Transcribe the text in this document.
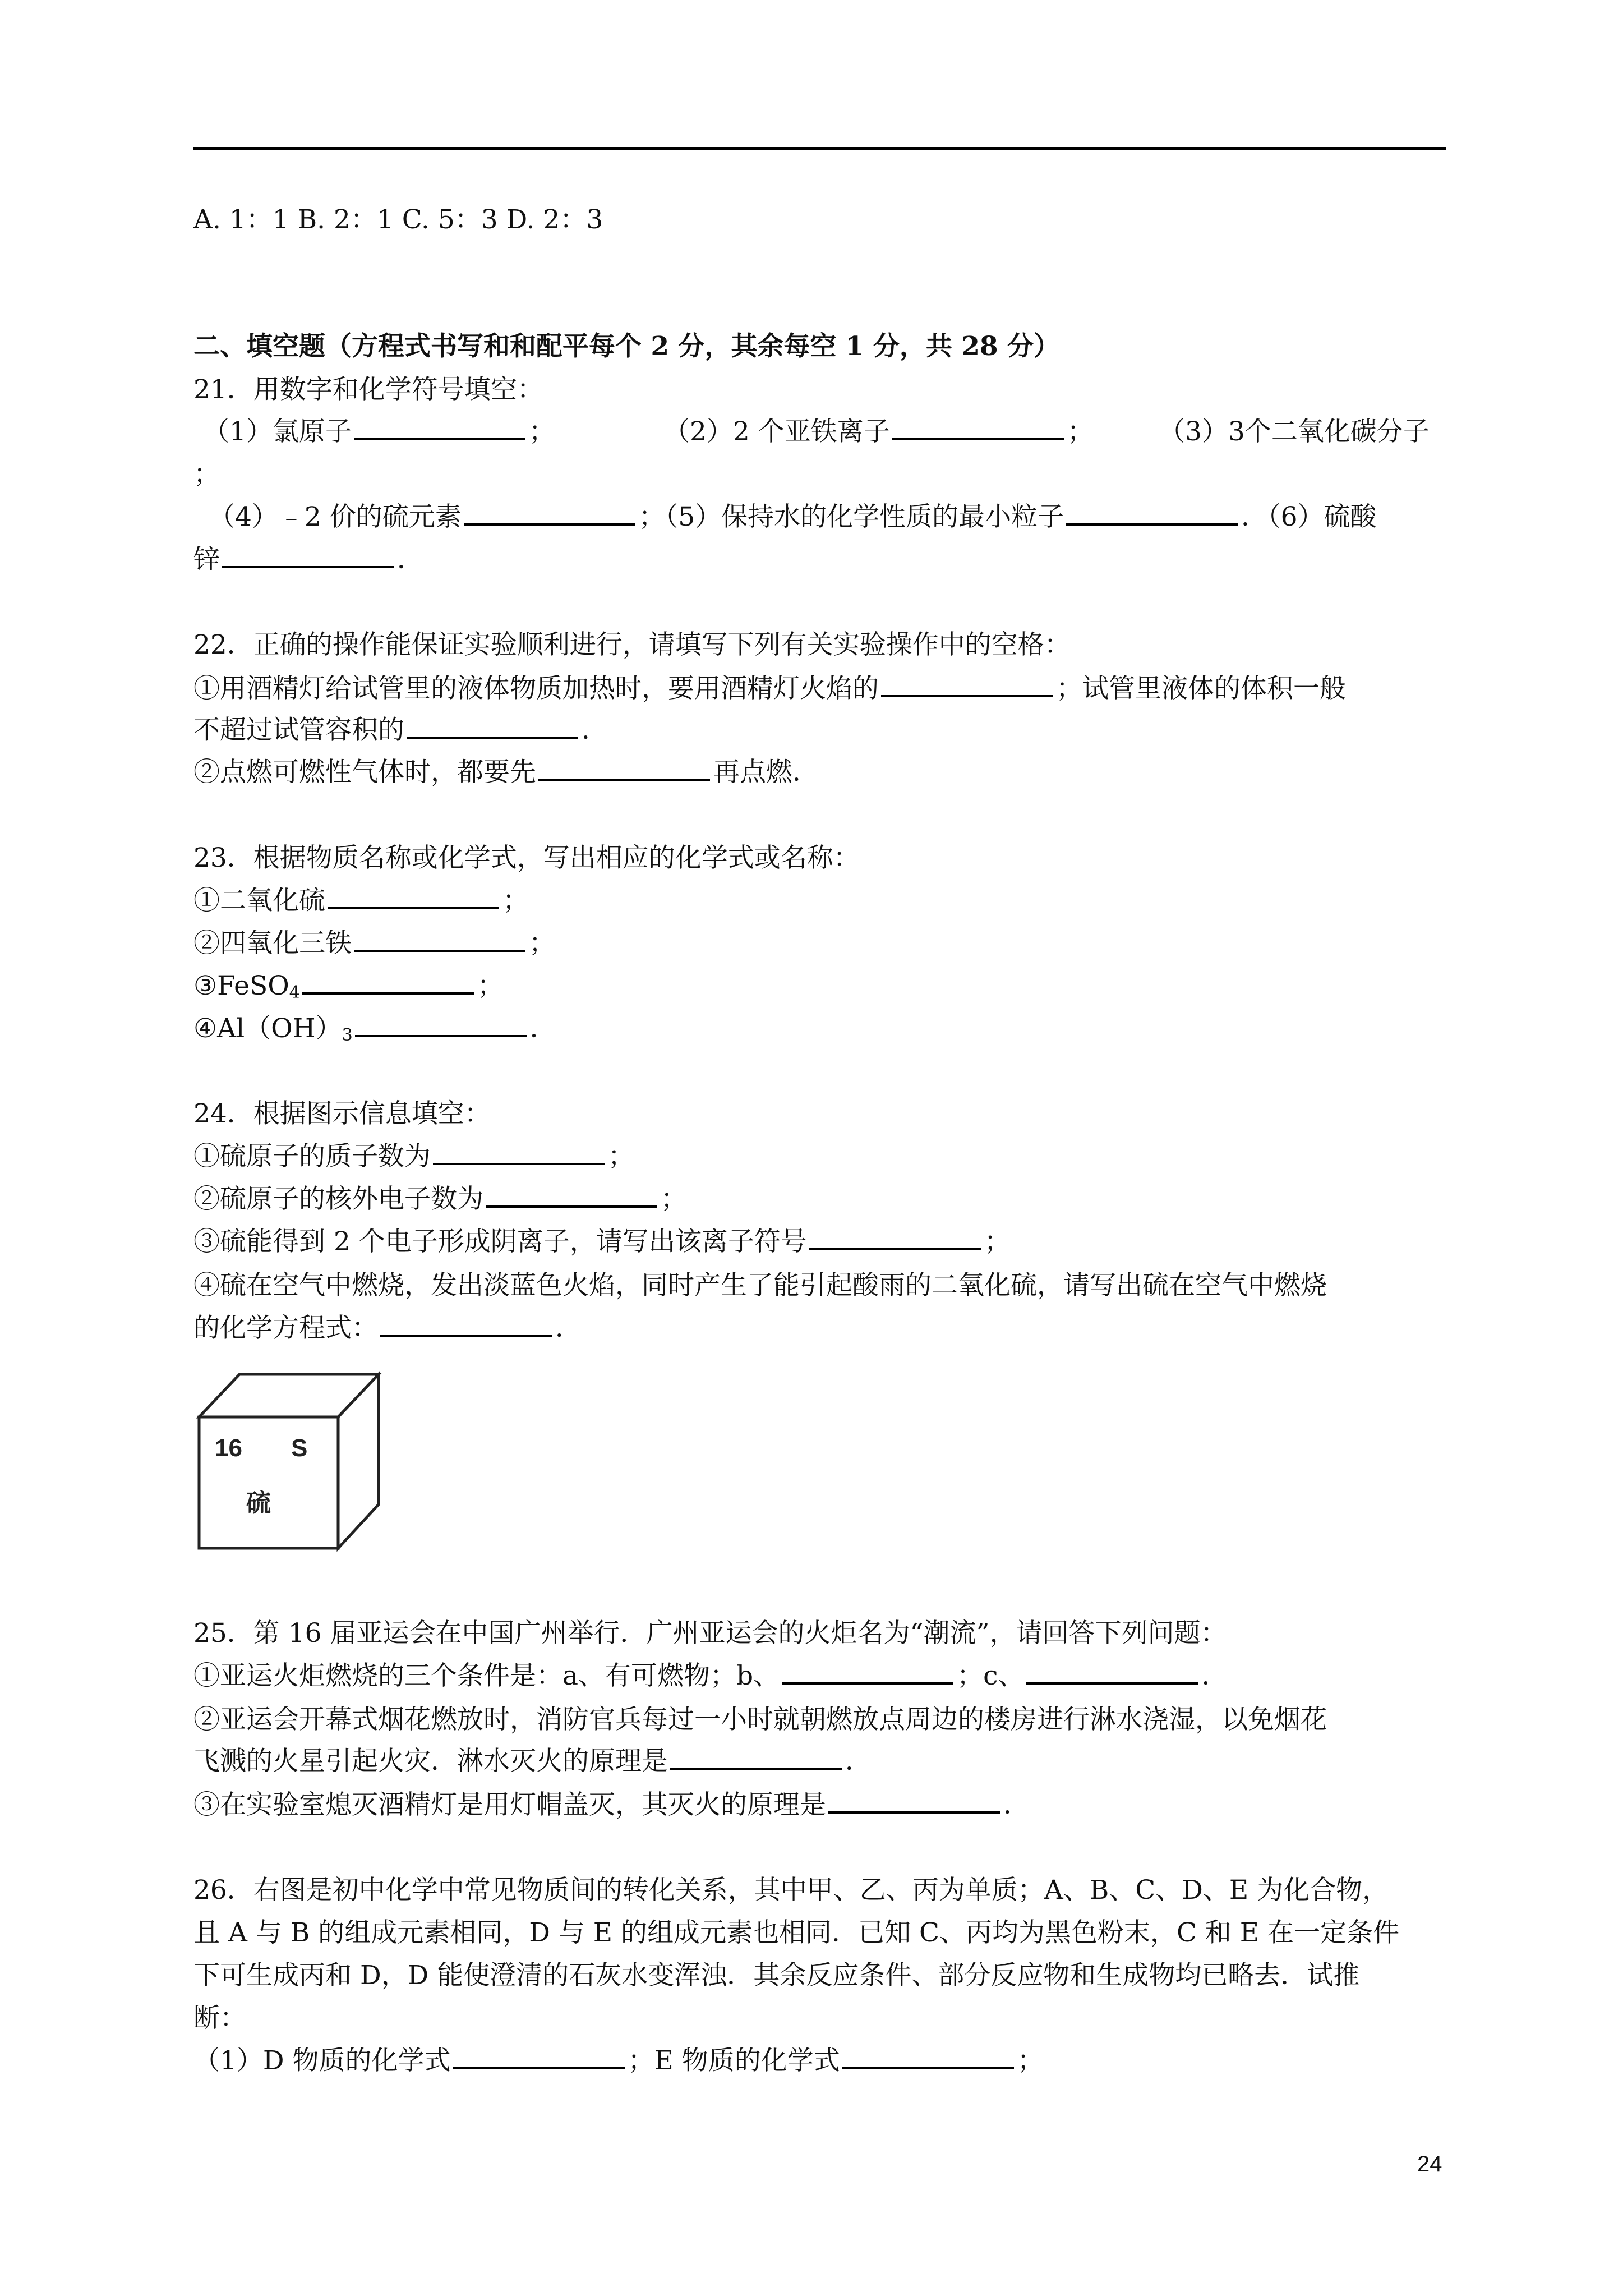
A. 1：1 B. 2：1 C. 5：3 D. 2：3
二、填空题（方程式书写和和配平每个 2 分，其余每空 1 分，共 28 分）
21．用数字和化学符号填空：
（1）氯原子	；	（2）2 个亚铁离子	； （3）3个二氧化碳分子
；
（4）﹣2 价的硫元素	；（5）保持水的化学性质的最小粒子	．（6）硫酸
锌	．
22．正确的操作能保证实验顺利进行，请填写下列有关实验操作中的空格：
①用酒精灯给试管里的液体物质加热时，要用酒精灯火焰的	；试管里液体的体积一般
不超过试管容积的	．
②点燃可燃性气体时，都要先	再点燃．
23．根据物质名称或化学式，写出相应的化学式或名称：
①二氧化硫	；
②四氧化三铁	；
③FeSO$_4$	；
$④Al(OH)_3$	．
24．根据图示信息填空：
①硫原子的质子数为	；
②硫原子的核外电子数为	；
③硫能得到 2 个电子形成阴离子，请写出该离子符号	；
④硫在空气中燃烧，发出淡蓝色火焰，同时产生了能引起酸雨的二氧化硫，请写出硫在空气中燃烧
的化学方程式：	．
16 S
硫
25．第 16 届亚运会在中国广州举行．广州亚运会的火炬名为“潮流”，请回答下列问题：
①亚运火炬燃烧的三个条件是：a、有可燃物；b、	；c、	．
②亚运会开幕式烟花燃放时，消防官兵每过一小时就朝燃放点周边的楼房进行淋水浇湿，以免烟花
飞溅的火星引起火灾．淋水灭火的原理是	．
③在实验室熄灭酒精灯是用灯帽盖灭，其灭火的原理是	．
26．右图是初中化学中常见物质间的转化关系，其中甲、乙、丙为单质；A、B、C、D、E 为化合物，
且 A 与 B 的组成元素相同，D 与 E 的组成元素也相同．已知 C、丙均为黑色粉末，C 和 E 在一定条件
下可生成丙和 D，D 能使澄清的石灰水变浑浊．其余反应条件、部分反应物和生成物均已略去．试推
断：
（1）D 物质的化学式	；E 物质的化学式	；
24
